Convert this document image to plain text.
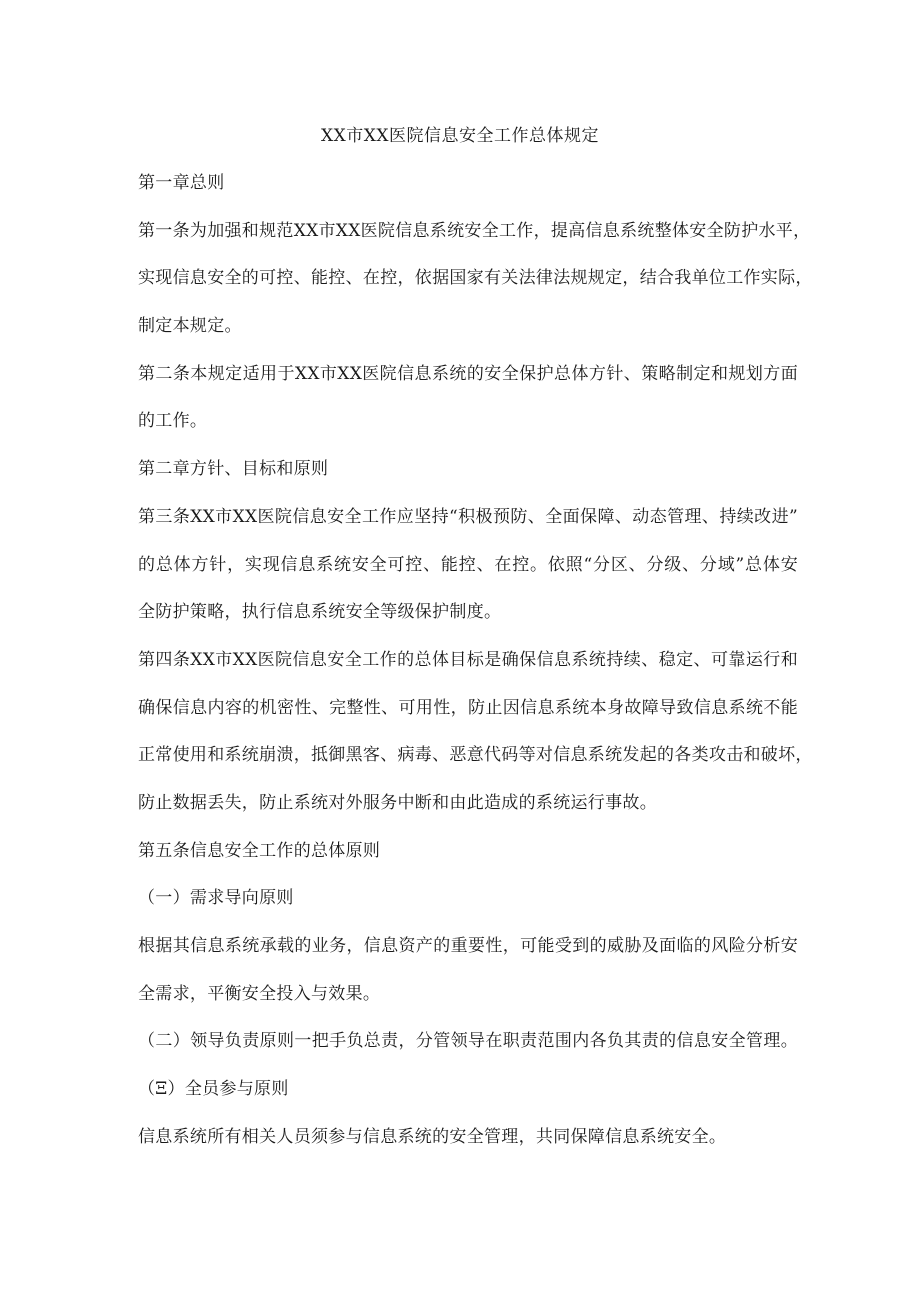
XX市XX医院信息安全工作总体规定
第一章总则
第一条为加强和规范XX市XX医院信息系统安全工作，提高信息系统整体安全防护水平，
实现信息安全的可控、能控、在控，依据国家有关法律法规规定，结合我单位工作实际，
制定本规定。
第二条本规定适用于XX市XX医院信息系统的安全保护总体方针、策略制定和规划方面
的工作。
第二章方针、目标和原则
第三条XX市XX医院信息安全工作应坚持“积极预防、全面保障、动态管理、持续改进”
的总体方针，实现信息系统安全可控、能控、在控。依照“分区、分级、分域”总体安
全防护策略，执行信息系统安全等级保护制度。
第四条XX市XX医院信息安全工作的总体目标是确保信息系统持续、稳定、可靠运行和
确保信息内容的机密性、完整性、可用性，防止因信息系统本身故障导致信息系统不能
正常使用和系统崩溃，抵御黑客、病毒、恶意代码等对信息系统发起的各类攻击和破坏，
防止数据丢失，防止系统对外服务中断和由此造成的系统运行事故。
第五条信息安全工作的总体原则
（一）需求导向原则
根据其信息系统承载的业务，信息资产的重要性，可能受到的威胁及面临的风险分析安
全需求，平衡安全投入与效果。
（二）领导负责原则一把手负总责，分管领导在职责范围内各负其责的信息安全管理。
（Ξ）全员参与原则
信息系统所有相关人员须参与信息系统的安全管理，共同保障信息系统安全。
